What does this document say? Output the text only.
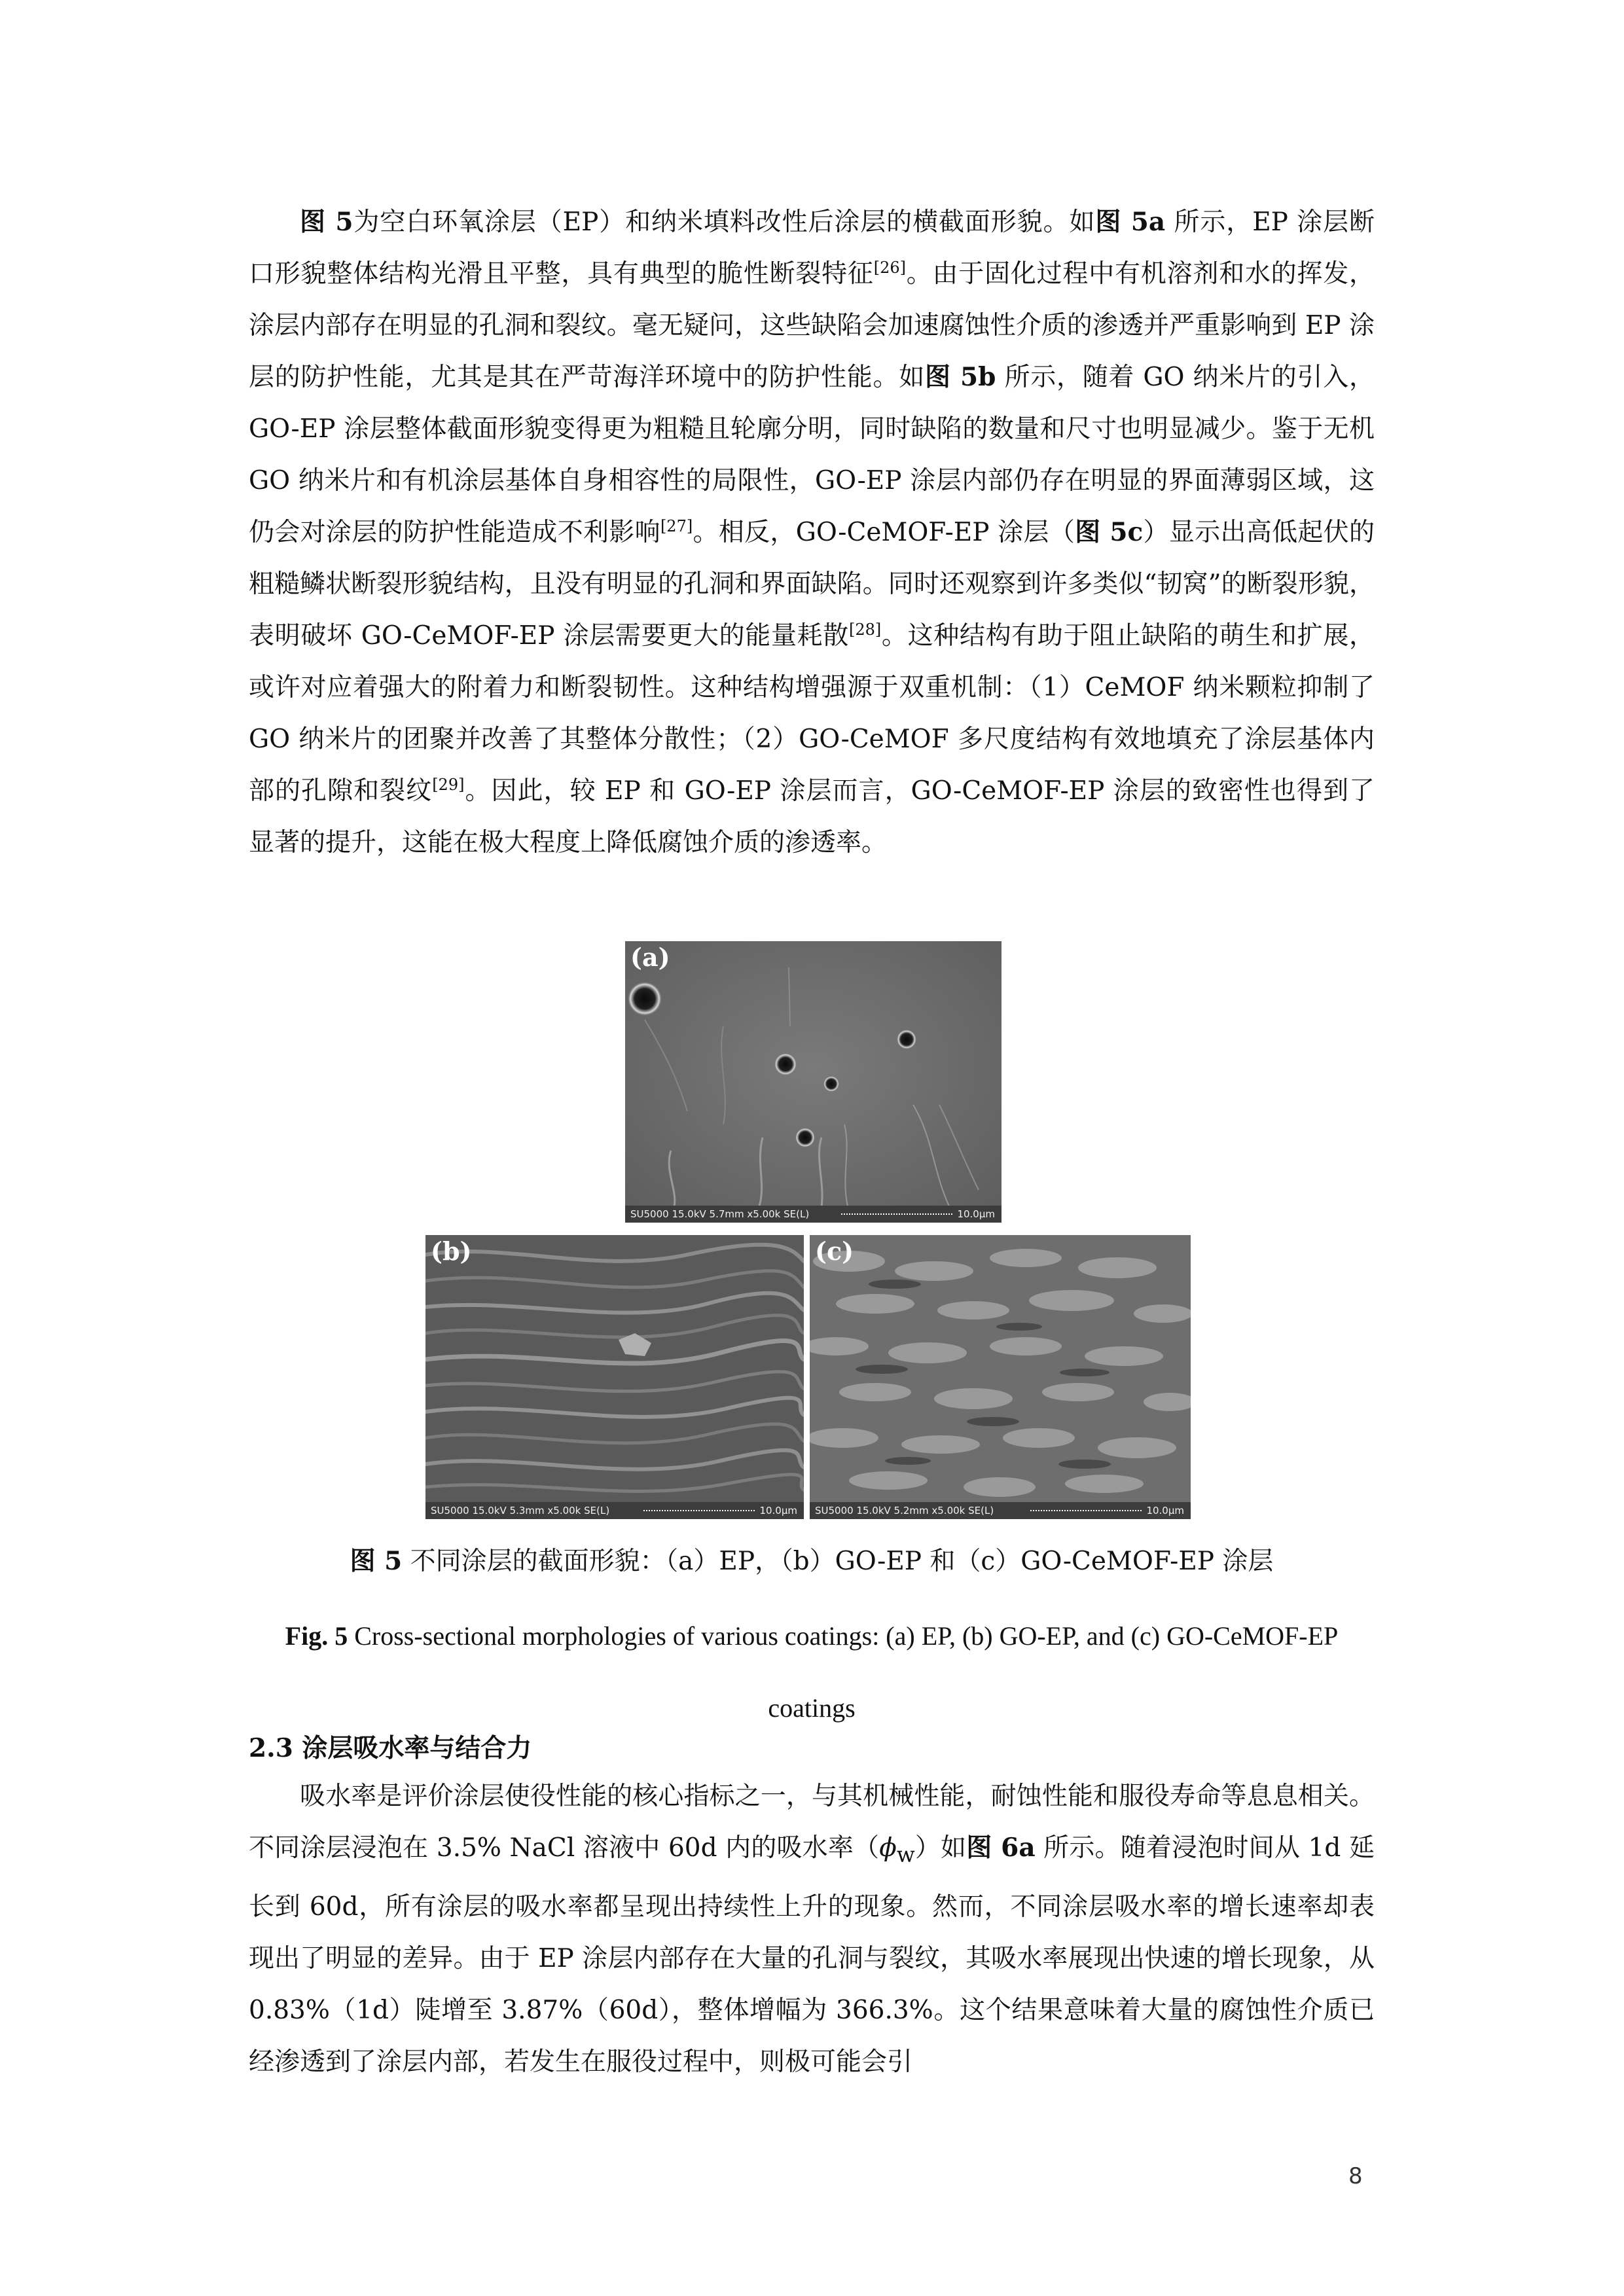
图 5为空白环氧涂层（EP）和纳米填料改性后涂层的横截面形貌。如图 5a 所示，EP 涂层断口形貌整体结构光滑且平整，具有典型的脆性断裂特征[26]。由于固化过程中有机溶剂和水的挥发，涂层内部存在明显的孔洞和裂纹。毫无疑问，这些缺陷会加速腐蚀性介质的渗透并严重影响到 EP 涂层的防护性能，尤其是其在严苛海洋环境中的防护性能。如图 5b 所示，随着 GO 纳米片的引入，GO-EP 涂层整体截面形貌变得更为粗糙且轮廓分明，同时缺陷的数量和尺寸也明显减少。鉴于无机 GO 纳米片和有机涂层基体自身相容性的局限性，GO-EP 涂层内部仍存在明显的界面薄弱区域，这仍会对涂层的防护性能造成不利影响[27]。相反，GO-CeMOF-EP 涂层（图 5c）显示出高低起伏的粗糙鳞状断裂形貌结构，且没有明显的孔洞和界面缺陷。同时还观察到许多类似“韧窝”的断裂形貌，表明破坏 GO-CeMOF-EP 涂层需要更大的能量耗散[28]。这种结构有助于阻止缺陷的萌生和扩展，或许对应着强大的附着力和断裂韧性。这种结构增强源于双重机制：（1）CeMOF 纳米颗粒抑制了 GO 纳米片的团聚并改善了其整体分散性；（2）GO-CeMOF 多尺度结构有效地填充了涂层基体内部的孔隙和裂纹[29]。因此，较 EP 和 GO-EP 涂层而言，GO-CeMOF-EP 涂层的致密性也得到了显著的提升，这能在极大程度上降低腐蚀介质的渗透率。

(a)
SU5000 15.0kV 5.7mm x5.00k SE(L)	10.0μm
(b)
SU5000 15.0kV 5.3mm x5.00k SE(L)	10.0μm
(c)
SU5000 15.0kV 5.2mm x5.00k SE(L)	10.0μm

图 5 不同涂层的截面形貌：（a）EP，（b）GO-EP 和（c）GO-CeMOF-EP 涂层

Fig. 5 Cross-sectional morphologies of various coatings: (a) EP, (b) GO-EP, and (c) GO-CeMOF-EP coatings

2.3 涂层吸水率与结合力

吸水率是评价涂层使役性能的核心指标之一，与其机械性能，耐蚀性能和服役寿命等息息相关。不同涂层浸泡在 3.5% NaCl 溶液中 60d 内的吸水率$(\phi_w)$如图 6a 所示。随着浸泡时间从 1d 延长到 60d，所有涂层的吸水率都呈现出持续性上升的现象。然而，不同涂层吸水率的增长速率却表现出了明显的差异。由于 EP 涂层内部存在大量的孔洞与裂纹，其吸水率展现出快速的增长现象，从 0.83%（1d）陡增至 3.87%（60d），整体增幅为 366.3%。这个结果意味着大量的腐蚀性介质已经渗透到了涂层内部，若发生在服役过程中，则极可能会引

8
